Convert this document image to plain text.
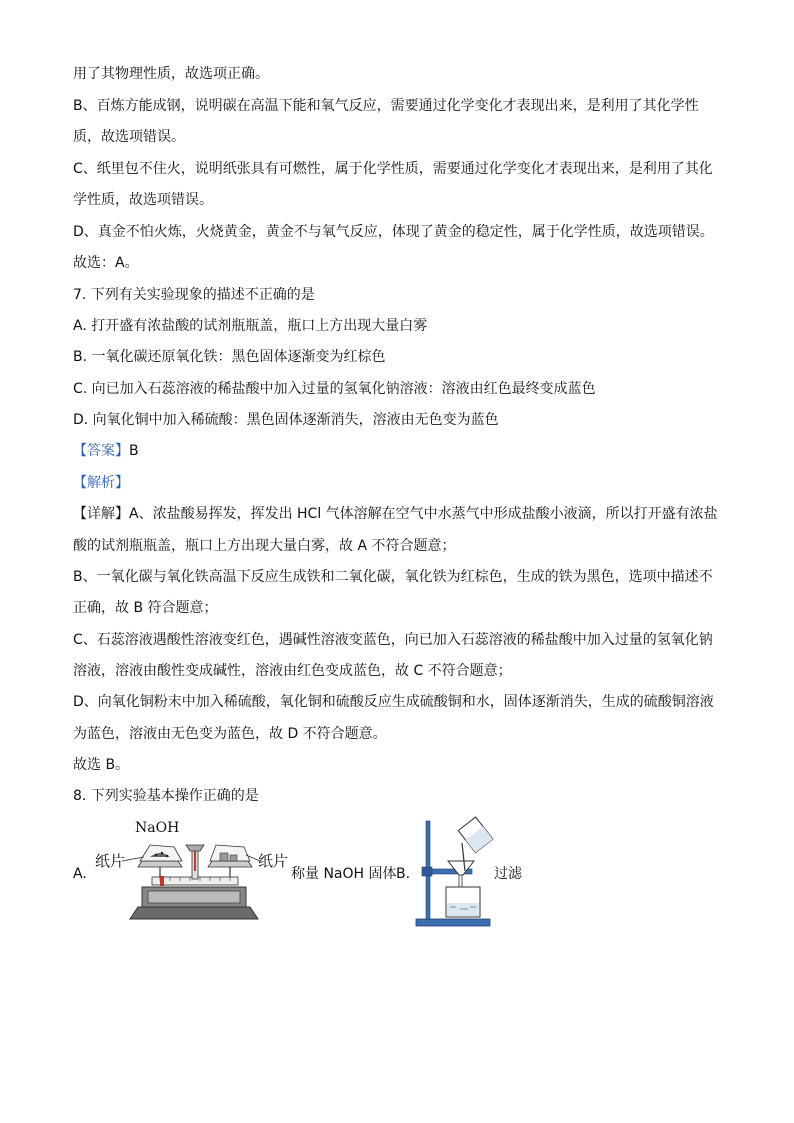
用了其物理性质，故选项正确。
B、百炼方能成钢，说明碳在高温下能和氧气反应，需要通过化学变化才表现出来，是利用了其化学性
质，故选项错误。
C、纸里包不住火，说明纸张具有可燃性，属于化学性质，需要通过化学变化才表现出来，是利用了其化
学性质，故选项错误。
D、真金不怕火炼，火烧黄金，黄金不与氧气反应，体现了黄金的稳定性，属于化学性质，故选项错误。
故选：A。
7. 下列有关实验现象的描述不正确的是
A. 打开盛有浓盐酸的试剂瓶瓶盖，瓶口上方出现大量白雾
B. 一氧化碳还原氧化铁：黑色固体逐渐变为红棕色
C. 向已加入石蕊溶液的稀盐酸中加入过量的氢氧化钠溶液：溶液由红色最终变成蓝色
D. 向氧化铜中加入稀硫酸：黑色固体逐渐消失，溶液由无色变为蓝色
【答案】B
【解析】
【详解】A、浓盐酸易挥发，挥发出 HCl 气体溶解在空气中水蒸气中形成盐酸小液滴，所以打开盛有浓盐
酸的试剂瓶瓶盖，瓶口上方出现大量白雾，故 A 不符合题意；
B、一氧化碳与氧化铁高温下反应生成铁和二氧化碳，氧化铁为红棕色，生成的铁为黑色，选项中描述不
正确，故 B 符合题意；
C、石蕊溶液遇酸性溶液变红色，遇碱性溶液变蓝色，向已加入石蕊溶液的稀盐酸中加入过量的氢氧化钠
溶液，溶液由酸性变成碱性，溶液由红色变成蓝色，故 C 不符合题意；
D、向氧化铜粉末中加入稀硫酸，氧化铜和硫酸反应生成硫酸铜和水，固体逐渐消失，生成的硫酸铜溶液
为蓝色，溶液由无色变为蓝色，故 D 不符合题意。
故选 B。
8. 下列实验基本操作正确的是
A.
NaOH
纸片	纸片
称量 NaOH 固体 B.	过滤
